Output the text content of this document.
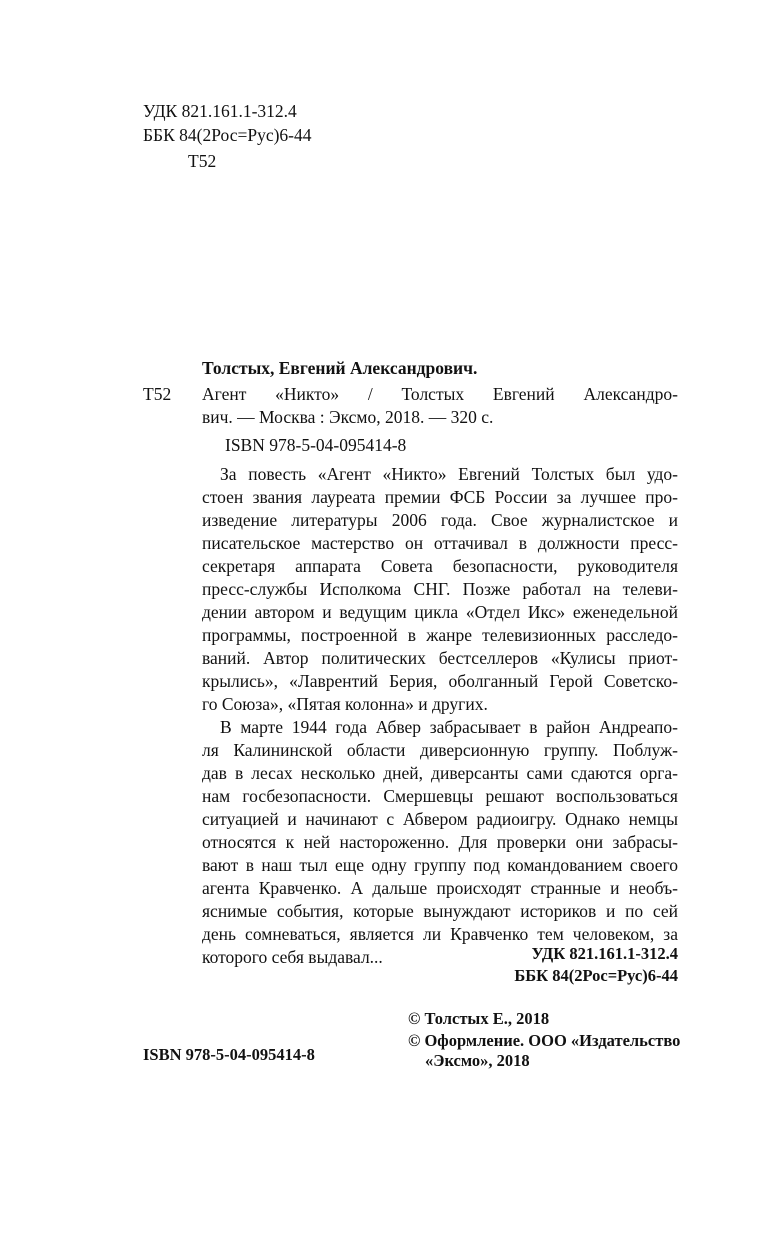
УДК 821.161.1-312.4
ББК 84(2Рос=Рус)6-44
Т52
Толстых, Евгений Александрович.
Т52 Агент «Никто» / Толстых Евгений Александро-
вич. — Москва : Эксмо, 2018. — 320 с.
ISBN 978-5-04-095414-8
За повесть «Агент «Никто» Евгений Толстых был удо-
стоен звания лауреата премии ФСБ России за лучшее про-
изведение литературы 2006 года. Свое журналистское и
писательское мастерство он оттачивал в должности пресс-
секретаря аппарата Совета безопасности, руководителя
пресс-службы Исполкома СНГ. Позже работал на телеви-
дении автором и ведущим цикла «Отдел Икс» еженедельной
программы, построенной в жанре телевизионных расследо-
ваний. Автор политических бестселлеров «Кулисы приот-
крылись», «Лаврентий Берия, оболганный Герой Советско-
го Союза», «Пятая колонна» и других.
В марте 1944 года Абвер забрасывает в район Андреапо-
ля Калининской области диверсионную группу. Поблуж-
дав в лесах несколько дней, диверсанты сами сдаются орга-
нам госбезопасности. Смершевцы решают воспользоваться
ситуацией и начинают с Абвером радиоигру. Однако немцы
относятся к ней настороженно. Для проверки они забрасы-
вают в наш тыл еще одну группу под командованием своего
агента Кравченко. А дальше происходят странные и необъ-
яснимые события, которые вынуждают историков и по сей
день сомневаться, является ли Кравченко тем человеком, за
которого себя выдавал...	УДК 821.161.1-312.4
ББК 84(2Рос=Рус)6-44
© Толстых Е., 2018
© Оформление. ООО «Издательство
«Эксмо», 2018
ISBN 978-5-04-095414-8
